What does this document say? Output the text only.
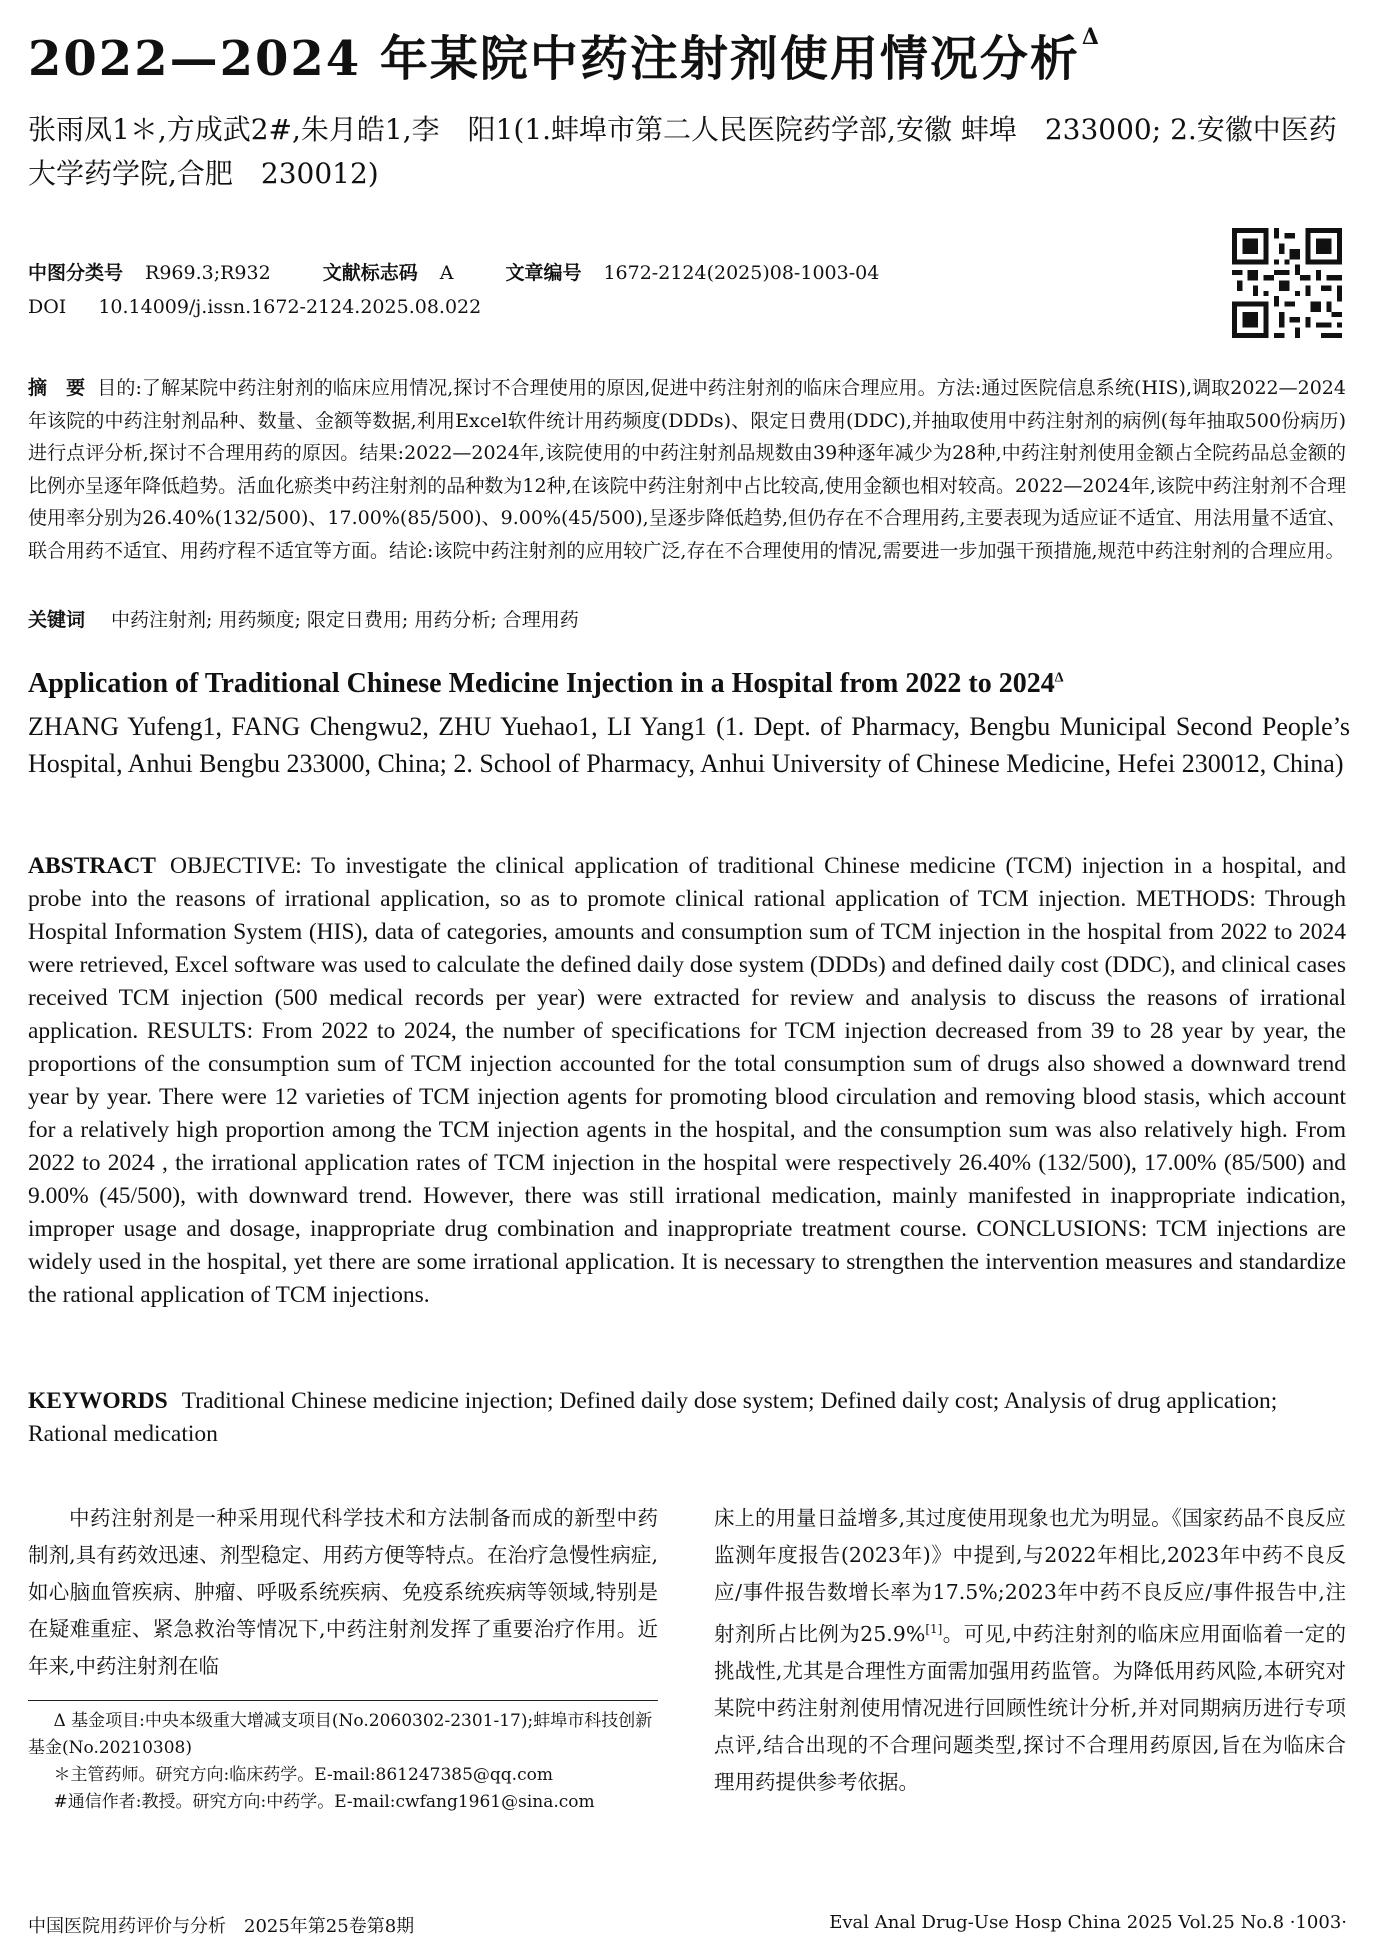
2022—2024 年某院中药注射剂使用情况分析$^\Delta$
张雨凤1＊,方成武2#,朱月皓1,李　阳1(1.蚌埠市第二人民医院药学部,安徽 蚌埠　233000; 2.安徽中医药大学药学院,合肥　230012)
中图分类号 R969.3;R932	文献标志码 A	文章编号 1672-2124(2025)08-1003-04
DOI 10.14009/j.issn.1672-2124.2025.08.022
摘　要 目的:了解某院中药注射剂的临床应用情况,探讨不合理使用的原因,促进中药注射剂的临床合理应用。方法:通过医院信息系统(HIS),调取2022—2024年该院的中药注射剂品种、数量、金额等数据,利用Excel软件统计用药频度(DDDs)、限定日费用(DDC),并抽取使用中药注射剂的病例(每年抽取500份病历)进行点评分析,探讨不合理用药的原因。结果:2022—2024年,该院使用的中药注射剂品规数由39种逐年减少为28种,中药注射剂使用金额占全院药品总金额的比例亦呈逐年降低趋势。活血化瘀类中药注射剂的品种数为12种,在该院中药注射剂中占比较高,使用金额也相对较高。2022—2024年,该院中药注射剂不合理使用率分别为26.40%(132/500)、17.00%(85/500)、9.00%(45/500),呈逐步降低趋势,但仍存在不合理用药,主要表现为适应证不适宜、用法用量不适宜、联合用药不适宜、用药疗程不适宜等方面。结论:该院中药注射剂的应用较广泛,存在不合理使用的情况,需要进一步加强干预措施,规范中药注射剂的合理应用。
关键词 中药注射剂; 用药频度; 限定日费用; 用药分析; 合理用药
Application of Traditional Chinese Medicine Injection in a Hospital from 2022 to $2024^\Delta$
ZHANG Yufeng1, FANG Chengwu2, ZHU Yuehao1, LI Yang1 (1. Dept. of Pharmacy, Bengbu Municipal Second People’s Hospital, Anhui Bengbu 233000, China; 2. School of Pharmacy, Anhui University of Chinese Medicine, Hefei 230012, China)
ABSTRACT OBJECTIVE: To investigate the clinical application of traditional Chinese medicine (TCM) injection in a hospital, and probe into the reasons of irrational application, so as to promote clinical rational application of TCM injection. METHODS: Through Hospital Information System (HIS), data of categories, amounts and consumption sum of TCM injection in the hospital from 2022 to 2024 were retrieved, Excel software was used to calculate the defined daily dose system (DDDs) and defined daily cost (DDC), and clinical cases received TCM injection (500 medical records per year) were extracted for review and analysis to discuss the reasons of irrational application. RESULTS: From 2022 to 2024, the number of specifications for TCM injection decreased from 39 to 28 year by year, the proportions of the consumption sum of TCM injection accounted for the total consumption sum of drugs also showed a downward trend year by year. There were 12 varieties of TCM injection agents for promoting blood circulation and removing blood stasis, which account for a relatively high proportion among the TCM injection agents in the hospital, and the consumption sum was also relatively high. From 2022 to 2024 , the irrational application rates of TCM injection in the hospital were respectively 26.40% (132/500), 17.00% (85/500) and 9.00% (45/500), with downward trend. However, there was still irrational medication, mainly manifested in inappropriate indication, improper usage and dosage, inappropriate drug combination and inappropriate treatment course. CONCLUSIONS: TCM injections are widely used in the hospital, yet there are some irrational application. It is necessary to strengthen the intervention measures and standardize the rational application of TCM injections.
KEYWORDS Traditional Chinese medicine injection; Defined daily dose system; Defined daily cost; Analysis of drug application; Rational medication
中药注射剂是一种采用现代科学技术和方法制备而成的新型中药制剂,具有药效迅速、剂型稳定、用药方便等特点。在治疗急慢性病症,如心脑血管疾病、肿瘤、呼吸系统疾病、免疫系统疾病等领域,特别是在疑难重症、紧急救治等情况下,中药注射剂发挥了重要治疗作用。近年来,中药注射剂在临

Δ 基金项目:中央本级重大增减支项目(No.2060302-2301-17);蚌埠市科技创新基金(No.20210308)

＊主管药师。研究方向:临床药学。E-mail:861247385@qq.com

#通信作者:教授。研究方向:中药学。E-mail:cwfang1961@sina.com

床上的用量日益增多,其过度使用现象也尤为明显。《国家药品不良反应监测年度报告(2023年)》中提到,与2022年相比,2023年中药不良反应/事件报告数增长率为17.5%;2023年中药不良反应/事件报告中,注射剂所占比例为25.9%[1]。可见,中药注射剂的临床应用面临着一定的挑战性,尤其是合理性方面需加强用药监管。为降低用药风险,本研究对某院中药注射剂使用情况进行回顾性统计分析,并对同期病历进行专项点评,结合出现的不合理问题类型,探讨不合理用药原因,旨在为临床合理用药提供参考依据。
中国医院用药评价与分析　2025年第25卷第8期	Eval Anal Drug-Use Hosp China 2025 Vol.25 No.8 ·1003·
